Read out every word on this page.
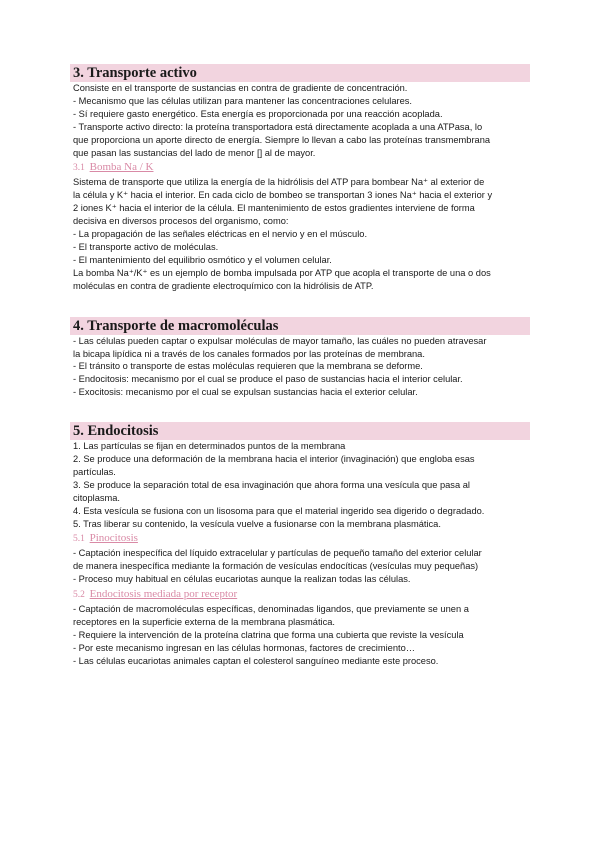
3. Transporte activo
Consiste en el transporte de sustancias en contra de gradiente de concentración.
- Mecanismo que las células utilizan para mantener las concentraciones celulares.
- Sí requiere gasto energético. Esta energía es proporcionada por una reacción acoplada.
- Transporte activo directo: la proteína transportadora está directamente acoplada a una ATPasa, lo
que proporciona un aporte directo de energía. Siempre lo llevan a cabo las proteínas transmembrana
que pasan las sustancias del lado de menor [] al de mayor.
3.1 Bomba Na / K
Sistema de transporte que utiliza la energía de la hidrólisis del ATP para bombear Na⁺ al exterior de
la célula y K⁺ hacia el interior. En cada ciclo de bombeo se transportan 3 iones Na⁺ hacia el exterior y
2 iones K⁺ hacia el interior de la célula. El mantenimiento de estos gradientes interviene de forma
decisiva en diversos procesos del organismo, como:
- La propagación de las señales eléctricas en el nervio y en el músculo.
- El transporte activo de moléculas.
- El mantenimiento del equilibrio osmótico y el volumen celular.
La bomba Na⁺/K⁺ es un ejemplo de bomba impulsada por ATP que acopla el transporte de una o dos
moléculas en contra de gradiente electroquímico con la hidrólisis de ATP.
4. Transporte de macromoléculas
- Las células pueden captar o expulsar moléculas de mayor tamaño, las cuáles no pueden atravesar
la bicapa lipídica ni a través de los canales formados por las proteínas de membrana.
- El tránsito o transporte de estas moléculas requieren que la membrana se deforme.
- Endocitosis: mecanismo por el cual se produce el paso de sustancias hacia el interior celular.
- Exocitosis: mecanismo por el cual se expulsan sustancias hacia el exterior celular.
5. Endocitosis
1. Las partículas se fijan en determinados puntos de la membrana
2. Se produce una deformación de la membrana hacia el interior (invaginación) que engloba esas
partículas.
3. Se produce la separación total de esa invaginación que ahora forma una vesícula que pasa al
citoplasma.
4. Esta vesícula se fusiona con un lisosoma para que el material ingerido sea digerido o degradado.
5. Tras liberar su contenido, la vesícula vuelve a fusionarse con la membrana plasmática.
5.1 Pinocitosis
- Captación inespecífica del líquido extracelular y partículas de pequeño tamaño del exterior celular
de manera inespecífica mediante la formación de vesículas endocíticas (vesículas muy pequeñas)
- Proceso muy habitual en células eucariotas aunque la realizan todas las células.
5.2 Endocitosis mediada por receptor
- Captación de macromoléculas específicas, denominadas ligandos, que previamente se unen a
receptores en la superficie externa de la membrana plasmática.
- Requiere la intervención de la proteína clatrina que forma una cubierta que reviste la vesícula
- Por este mecanismo ingresan en las células hormonas, factores de crecimiento…
- Las células eucariotas animales captan el colesterol sanguíneo mediante este proceso.
